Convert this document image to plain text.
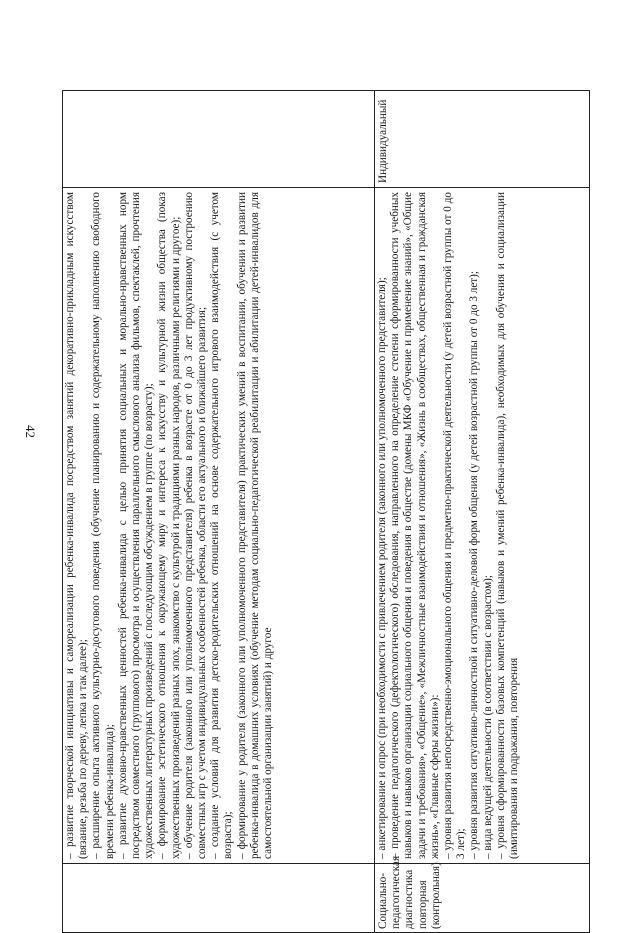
42 – развитие творческой инициативы и самореализации ребенка-инвалида посредством занятий декоративно-прикладным искусством (вязание, резьба по дереву, лепка и так далее); – расширение опыта активного культурно-досугового поведения (обучение планированию и содержательному наполнению свободного времени ребенка-инвалида); – развитие духовно-нравственных ценностей ребенка-инвалида с целью принятия социальных и морально-нравственных норм посредством совместного (группового) просмотра и осуществления параллельного смыслового анализа фильмов, спектаклей, прочтения художественных литературных произведений с последующим обсуждением в группе (по возрасту); – формирование эстетического отношения к окружающему миру и интереса к искусству и культурной жизни общества (показ художественных произведений разных эпох, знакомство с культурой и традициями разных народов, различными религиями и другое); – обучение родителя (законного или уполномоченного представителя) ребенка в возрасте от 0 до 3 лет продуктивному построению совместных игр с учетом индивидуальных особенностей ребенка, области его актуального и ближайшего развития; – создание условий для развития детско-родительских отношений на основе содержательного игрового взаимодействия (с учетом возраста); – формирование у родителя (законного или уполномоченного представителя) практических умений в воспитании, обучении и развитии ребенка-инвалида в домашних условиях (обучение методам социально-педагогической реабилитации и абилитации детей-инвалидов для самостоятельной организации занятий) и другое

Социально-педагогическая диагностика повторная (контрольная)

– анкетирование и опрос (при необходимости с привлечением родителя (законного или уполномоченного представителя); – проведение педагогического (дефектологического) обследования, направленного на определение степени сформированности учебных навыков и навыков организации социального общения и поведения в обществе (домены МКФ «Обучение и применение знаний», «Общие задачи и требования», «Общение», «Межличностные взаимодействия и отношения», «Жизнь в сообществах, общественная и гражданская жизнь», «Главные сферы жизни»): – уровня развития непосредственно-эмоционального общения и предметно-практической деятельности (у детей возрастной группы от 0 до 3 лет); – уровня развития ситуативно-личностной и ситуативно-деловой форм общения (у детей возрастной группы от 0 до 3 лет); – вида ведущей деятельности (в соответствии с возрастом); – уровня сформированности базовых компетенций (навыков и умений ребенка-инвалида), необходимых для обучения и социализации (имитирования и подражания, повторения

Индивидуальный
